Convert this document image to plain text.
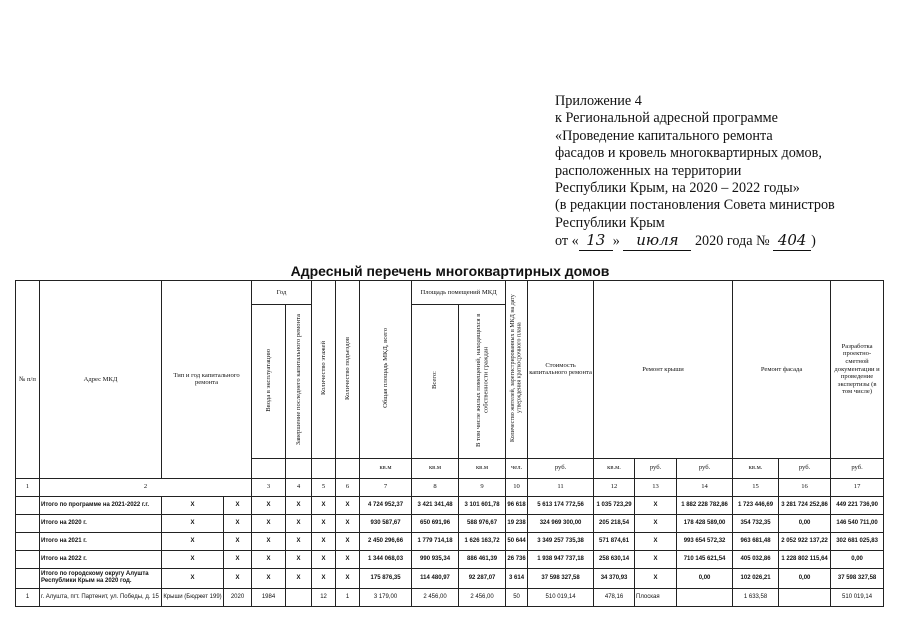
Приложение 4
к Региональной адресной программе
«Проведение капитального ремонта
фасадов и кровель многоквартирных домов,
расположенных на территории
Республики Крым, на 2020 – 2022 годы»
(в редакции постановления Совета министров
Республики Крым
от « 13 » июля 2020 года № 404 )
Адресный перечень многоквартирных домов
№ п/п	Адрес МКД	Тип и год капитального ремонта		Год		Количество этажей	Количество подъездов	Общая площадь МКД, всего	Площадь помещений МКД		Количество жителей, зарегистрированных в МКД на дату утверждения краткосрочного плана	Стоимость капитального ремонта	Ремонт крыши			Ремонт фасада		Разработка проектно-сметной документации и проведение экспертизы (в том числе)
				Ввода в эксплуатацию	Завершение последнего капитального ремонта				Всего:	В том числе жилых помещений, находящихся в собственности граждан								
								кв.м	кв.м	кв.м	чел.	руб.	кв.м.	руб.	руб.	кв.м.	руб.	руб.
1	2			3	4	5	6	7	8	9	10	11	12	13	14	15	16	17
	Итого по программе на 2021-2022 г.г.	X	X	X	X	X	X	4 724 952,37	3 421 341,48	3 101 601,78	96 618	5 613 174 772,56	1 035 723,29	X	1 882 228 782,86	1 723 446,69	3 281 724 252,86	449 221 736,90
	Итого на 2020 г.	X	X	X	X	X	X	930 587,67	650 691,96	588 976,67	19 238	324 969 300,00	205 218,54	X	178 428 589,00	354 732,35	0,00	146 540 711,00
	Итого на 2021 г.	X	X	X	X	X	X	2 450 296,66	1 779 714,18	1 626 163,72	50 644	3 349 257 735,38	571 874,61	X	993 654 572,32	963 681,48	2 052 922 137,22	302 681 025,83
	Итого на 2022 г.	X	X	X	X	X	X	1 344 068,03	990 935,34	886 461,39	26 736	1 938 947 737,18	258 630,14	X	710 145 621,54	405 032,86	1 228 802 115,64	0,00
	Итого по городскому округу Алушта Республики Крым на 2020 год.	X	X	X	X	X	X	175 876,35	114 480,97	92 287,07	3 614	37 598 327,58	34 370,93	X	0,00	102 026,21	0,00	37 598 327,58
1	г. Алушта, пгт. Партенит, ул. Победы, д. 15	Крыши (Бюджет 199)	2020	1984		12	1	3 179,00	2 456,00	2 456,00	50	510 019,14	478,16	Плоская		1 633,58		510 019,14
